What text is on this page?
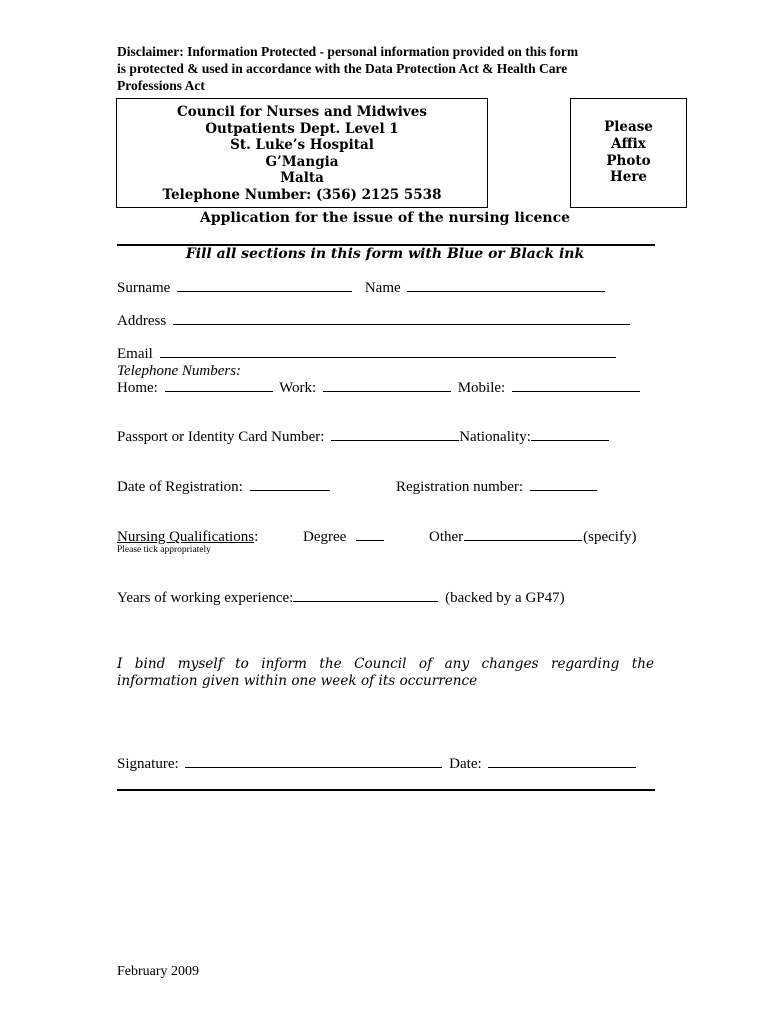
Disclaimer: Information Protected - personal information provided on this form
is protected & used in accordance with the Data Protection Act & Health Care
Professions Act
Council for Nurses and Midwives
Outpatients Dept. Level 1
St. Luke’s Hospital
G’Mangia
Malta
Telephone Number: (356) 2125 5538
Please
Affix
Photo
Here
Application for the issue of the nursing licence
Fill all sections in this form with Blue or Black ink
Surname	Name
Address
Email
Telephone Numbers:
Home:	Work:	Mobile:
Passport or Identity Card Number:	Nationality:
Date of Registration:	Registration number:
Nursing Qualifications:
Please tick appropriately
Degree	Other	(specify)
Years of working experience:	(backed by a GP47)
I bind myself to inform the Council of any changes regarding the
information given within one week of its occurrence
Signature:	Date:
February 2009
